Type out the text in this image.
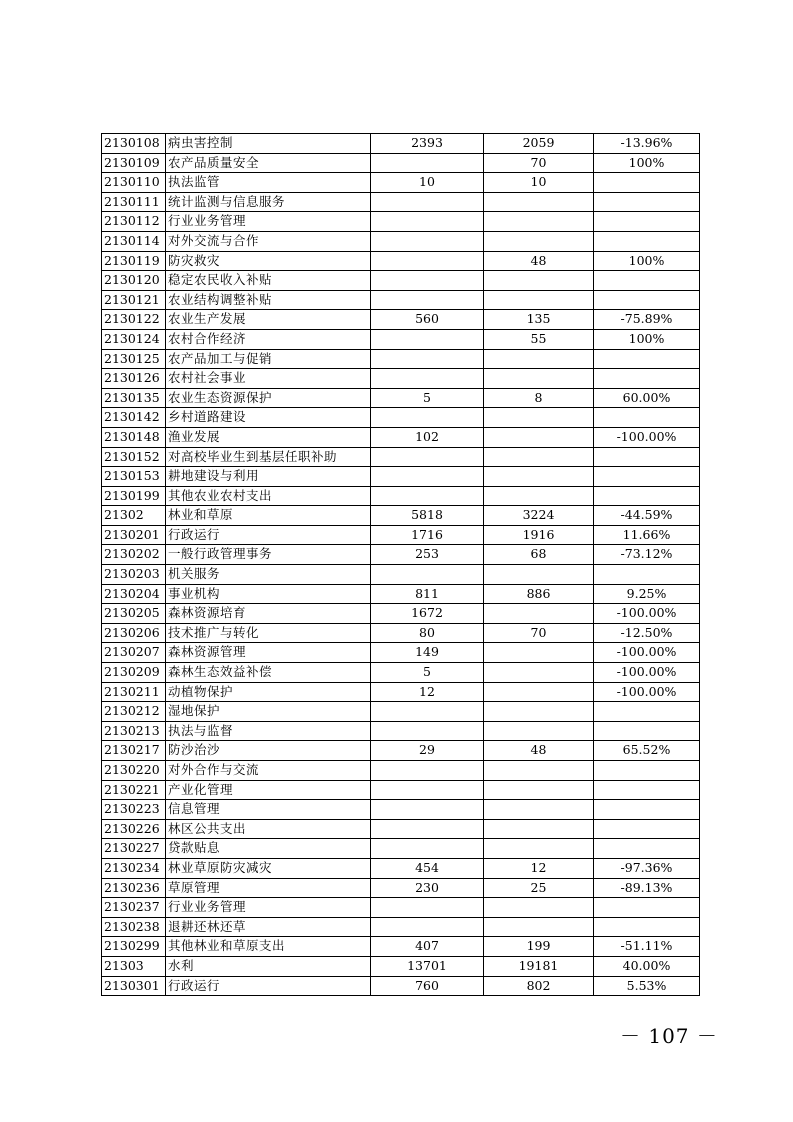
2130108	病虫害控制	2393	2059	-13.96%
2130109	农产品质量安全		70	100%
2130110	执法监管	10	10	
2130111	统计监测与信息服务			
2130112	行业业务管理			
2130114	对外交流与合作			
2130119	防灾救灾		48	100%
2130120	稳定农民收入补贴			
2130121	农业结构调整补贴			
2130122	农业生产发展	560	135	-75.89%
2130124	农村合作经济		55	100%
2130125	农产品加工与促销			
2130126	农村社会事业			
2130135	农业生态资源保护	5	8	60.00%
2130142	乡村道路建设			
2130148	渔业发展	102		-100.00%
2130152	对高校毕业生到基层任职补助			
2130153	耕地建设与利用			
2130199	其他农业农村支出			
21302	林业和草原	5818	3224	-44.59%
2130201	行政运行	1716	1916	11.66%
2130202	一般行政管理事务	253	68	-73.12%
2130203	机关服务			
2130204	事业机构	811	886	9.25%
2130205	森林资源培育	1672		-100.00%
2130206	技术推广与转化	80	70	-12.50%
2130207	森林资源管理	149		-100.00%
2130209	森林生态效益补偿	5		-100.00%
2130211	动植物保护	12		-100.00%
2130212	湿地保护			
2130213	执法与监督			
2130217	防沙治沙	29	48	65.52%
2130220	对外合作与交流			
2130221	产业化管理			
2130223	信息管理			
2130226	林区公共支出			
2130227	贷款贴息			
2130234	林业草原防灾减灾	454	12	-97.36%
2130236	草原管理	230	25	-89.13%
2130237	行业业务管理			
2130238	退耕还林还草			
2130299	其他林业和草原支出	407	199	-51.11%
21303	水利	13701	19181	40.00%
2130301	行政运行	760	802	5.53%
－ 107 －
